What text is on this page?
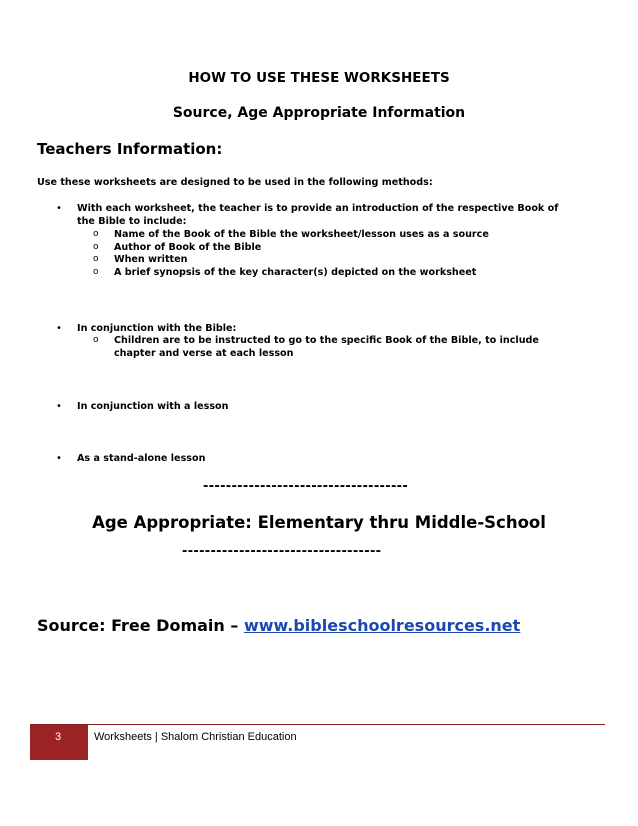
HOW TO USE THESE WORKSHEETS
Source, Age Appropriate Information
Teachers Information:
Use these worksheets are designed to be used in the following methods:
• With each worksheet, the teacher is to provide an introduction of the respective Book of
the Bible to include:
o Name of the Book of the Bible the worksheet/lesson uses as a source
o Author of Book of the Bible
o When written
o A brief synopsis of the key character(s) depicted on the worksheet
• In conjunction with the Bible:
o Children are to be instructed to go to the specific Book of the Bible, to include
chapter and verse at each lesson
• In conjunction with a lesson
• As a stand-alone lesson
------------------------------------
Age Appropriate: Elementary thru Middle-School
-----------------------------------
Source: Free Domain – www.bibleschoolresources.net
3	Worksheets | Shalom Christian Education
